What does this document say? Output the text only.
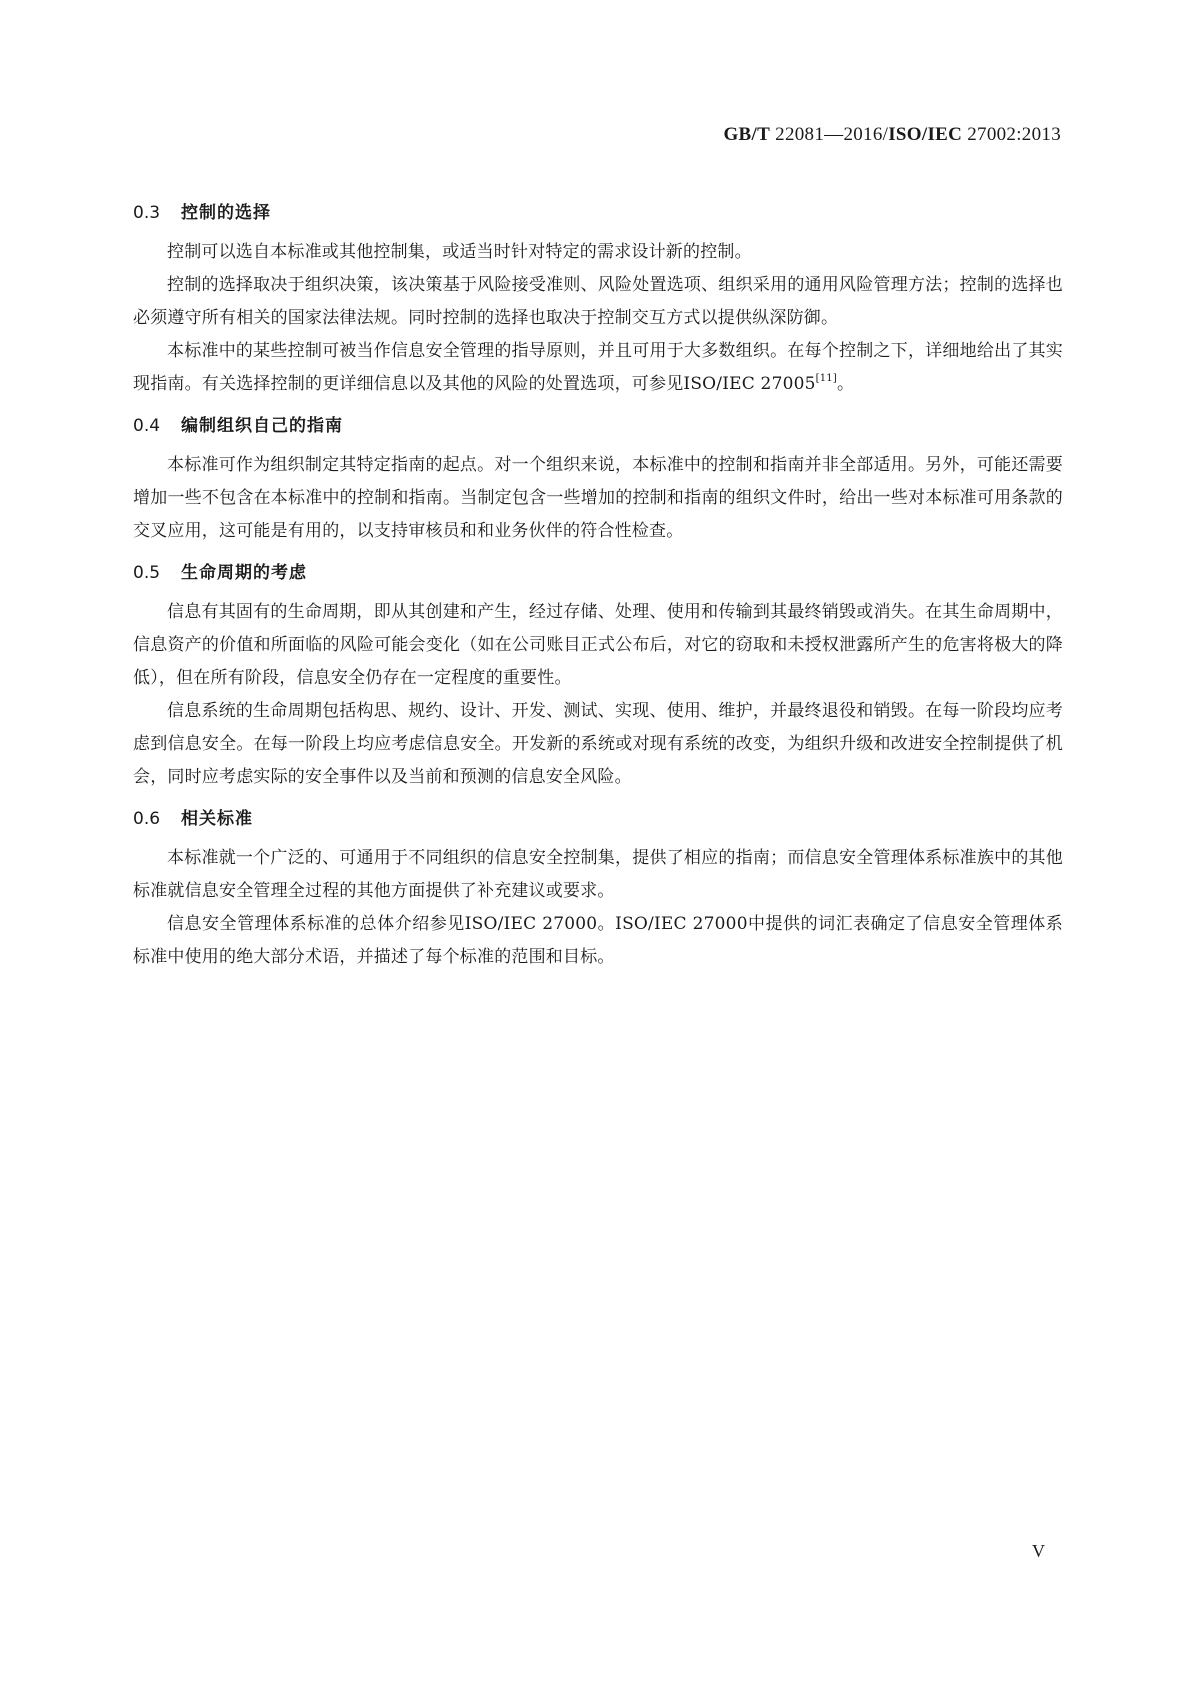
GB/T 22081—2016/ISO/IEC 27002:2013
0.3	控制的选择

控制可以选自本标准或其他控制集，或适当时针对特定的需求设计新的控制。

控制的选择取决于组织决策，该决策基于风险接受准则、风险处置选项、组织采用的通用风险管理方法；控制的选择也必须遵守所有相关的国家法律法规。同时控制的选择也取决于控制交互方式以提供纵深防御。

本标准中的某些控制可被当作信息安全管理的指导原则，并且可用于大多数组织。在每个控制之下，详细地给出了其实现指南。有关选择控制的更详细信息以及其他的风险的处置选项，可参见ISO/IEC 27005[11]。

0.4	编制组织自己的指南

本标准可作为组织制定其特定指南的起点。对一个组织来说，本标准中的控制和指南并非全部适用。另外，可能还需要增加一些不包含在本标准中的控制和指南。当制定包含一些增加的控制和指南的组织文件时，给出一些对本标准可用条款的交叉应用，这可能是有用的，以支持审核员和和业务伙伴的符合性检查。

0.5	生命周期的考虑

信息有其固有的生命周期，即从其创建和产生，经过存储、处理、使用和传输到其最终销毁或消失。在其生命周期中，信息资产的价值和所面临的风险可能会变化（如在公司账目正式公布后，对它的窃取和未授权泄露所产生的危害将极大的降低），但在所有阶段，信息安全仍存在一定程度的重要性。

信息系统的生命周期包括构思、规约、设计、开发、测试、实现、使用、维护，并最终退役和销毁。在每一阶段均应考虑到信息安全。在每一阶段上均应考虑信息安全。开发新的系统或对现有系统的改变，为组织升级和改进安全控制提供了机会，同时应考虑实际的安全事件以及当前和预测的信息安全风险。

0.6	相关标准

本标准就一个广泛的、可通用于不同组织的信息安全控制集，提供了相应的指南；而信息安全管理体系标准族中的其他标准就信息安全管理全过程的其他方面提供了补充建议或要求。

信息安全管理体系标准的总体介绍参见ISO/IEC 27000。ISO/IEC 27000中提供的词汇表确定了信息安全管理体系标准中使用的绝大部分术语，并描述了每个标准的范围和目标。

V
